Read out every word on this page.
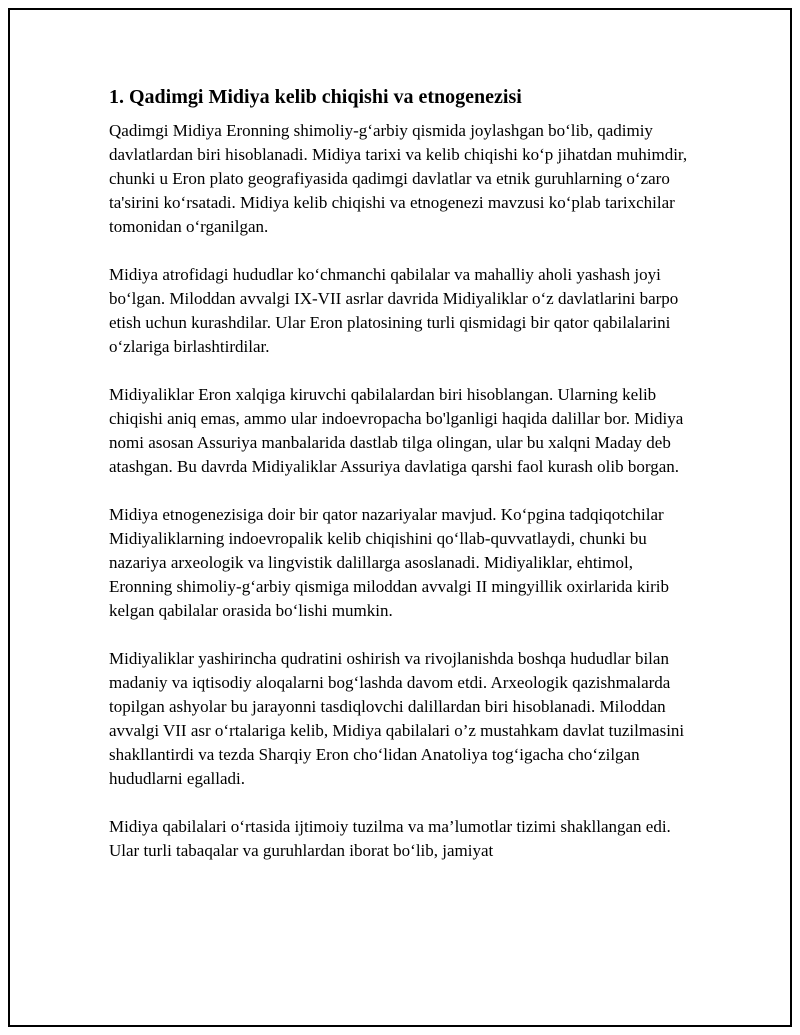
1. Qadimgi Midiya kelib chiqishi va etnogenezisi

Qadimgi Midiya Eronning shimoliy-g‘arbiy qismida joylashgan bo‘lib, qadimiy davlatlardan biri hisoblanadi. Midiya tarixi va kelib chiqishi ko‘p jihatdan muhimdir, chunki u Eron plato geografiyasida qadimgi davlatlar va etnik guruhlarning o‘zaro ta'sirini ko‘rsatadi. Midiya kelib chiqishi va etnogenezi mavzusi ko‘plab tarixchilar tomonidan o‘rganilgan.

Midiya atrofidagi hududlar ko‘chmanchi qabilalar va mahalliy aholi yashash joyi bo‘lgan. Miloddan avvalgi IX-VII asrlar davrida Midiyaliklar o‘z davlatlarini barpo etish uchun kurashdilar. Ular Eron platosining turli qismidagi bir qator qabilalarini o‘zlariga birlashtirdilar.

Midiyaliklar Eron xalqiga kiruvchi qabilalardan biri hisoblangan. Ularning kelib chiqishi aniq emas, ammo ular indoevropacha bo'lganligi haqida dalillar bor. Midiya nomi asosan Assuriya manbalarida dastlab tilga olingan, ular bu xalqni Maday deb atashgan. Bu davrda Midiyaliklar Assuriya davlatiga qarshi faol kurash olib borgan.

Midiya etnogenezisiga doir bir qator nazariyalar mavjud. Ko‘pgina tadqiqotchilar Midiyaliklarning indoevropalik kelib chiqishini qo‘llab-quvvatlaydi, chunki bu nazariya arxeologik va lingvistik dalillarga asoslanadi. Midiyaliklar, ehtimol, Eronning shimoliy-g‘arbiy qismiga miloddan avvalgi II mingyillik oxirlarida kirib kelgan qabilalar orasida bo‘lishi mumkin.

Midiyaliklar yashirincha qudratini oshirish va rivojlanishda boshqa hududlar bilan madaniy va iqtisodiy aloqalarni bog‘lashda davom etdi. Arxeologik qazishmalarda topilgan ashyolar bu jarayonni tasdiqlovchi dalillardan biri hisoblanadi. Miloddan avvalgi VII asr o‘rtalariga kelib, Midiya qabilalari o’z mustahkam davlat tuzilmasini shakllantirdi va tezda Sharqiy Eron cho‘lidan Anatoliya tog‘igacha cho‘zilgan hududlarni egalladi.

Midiya qabilalari o‘rtasida ijtimoiy tuzilma va ma’lumotlar tizimi shakllangan edi. Ular turli tabaqalar va guruhlardan iborat bo‘lib, jamiyat
